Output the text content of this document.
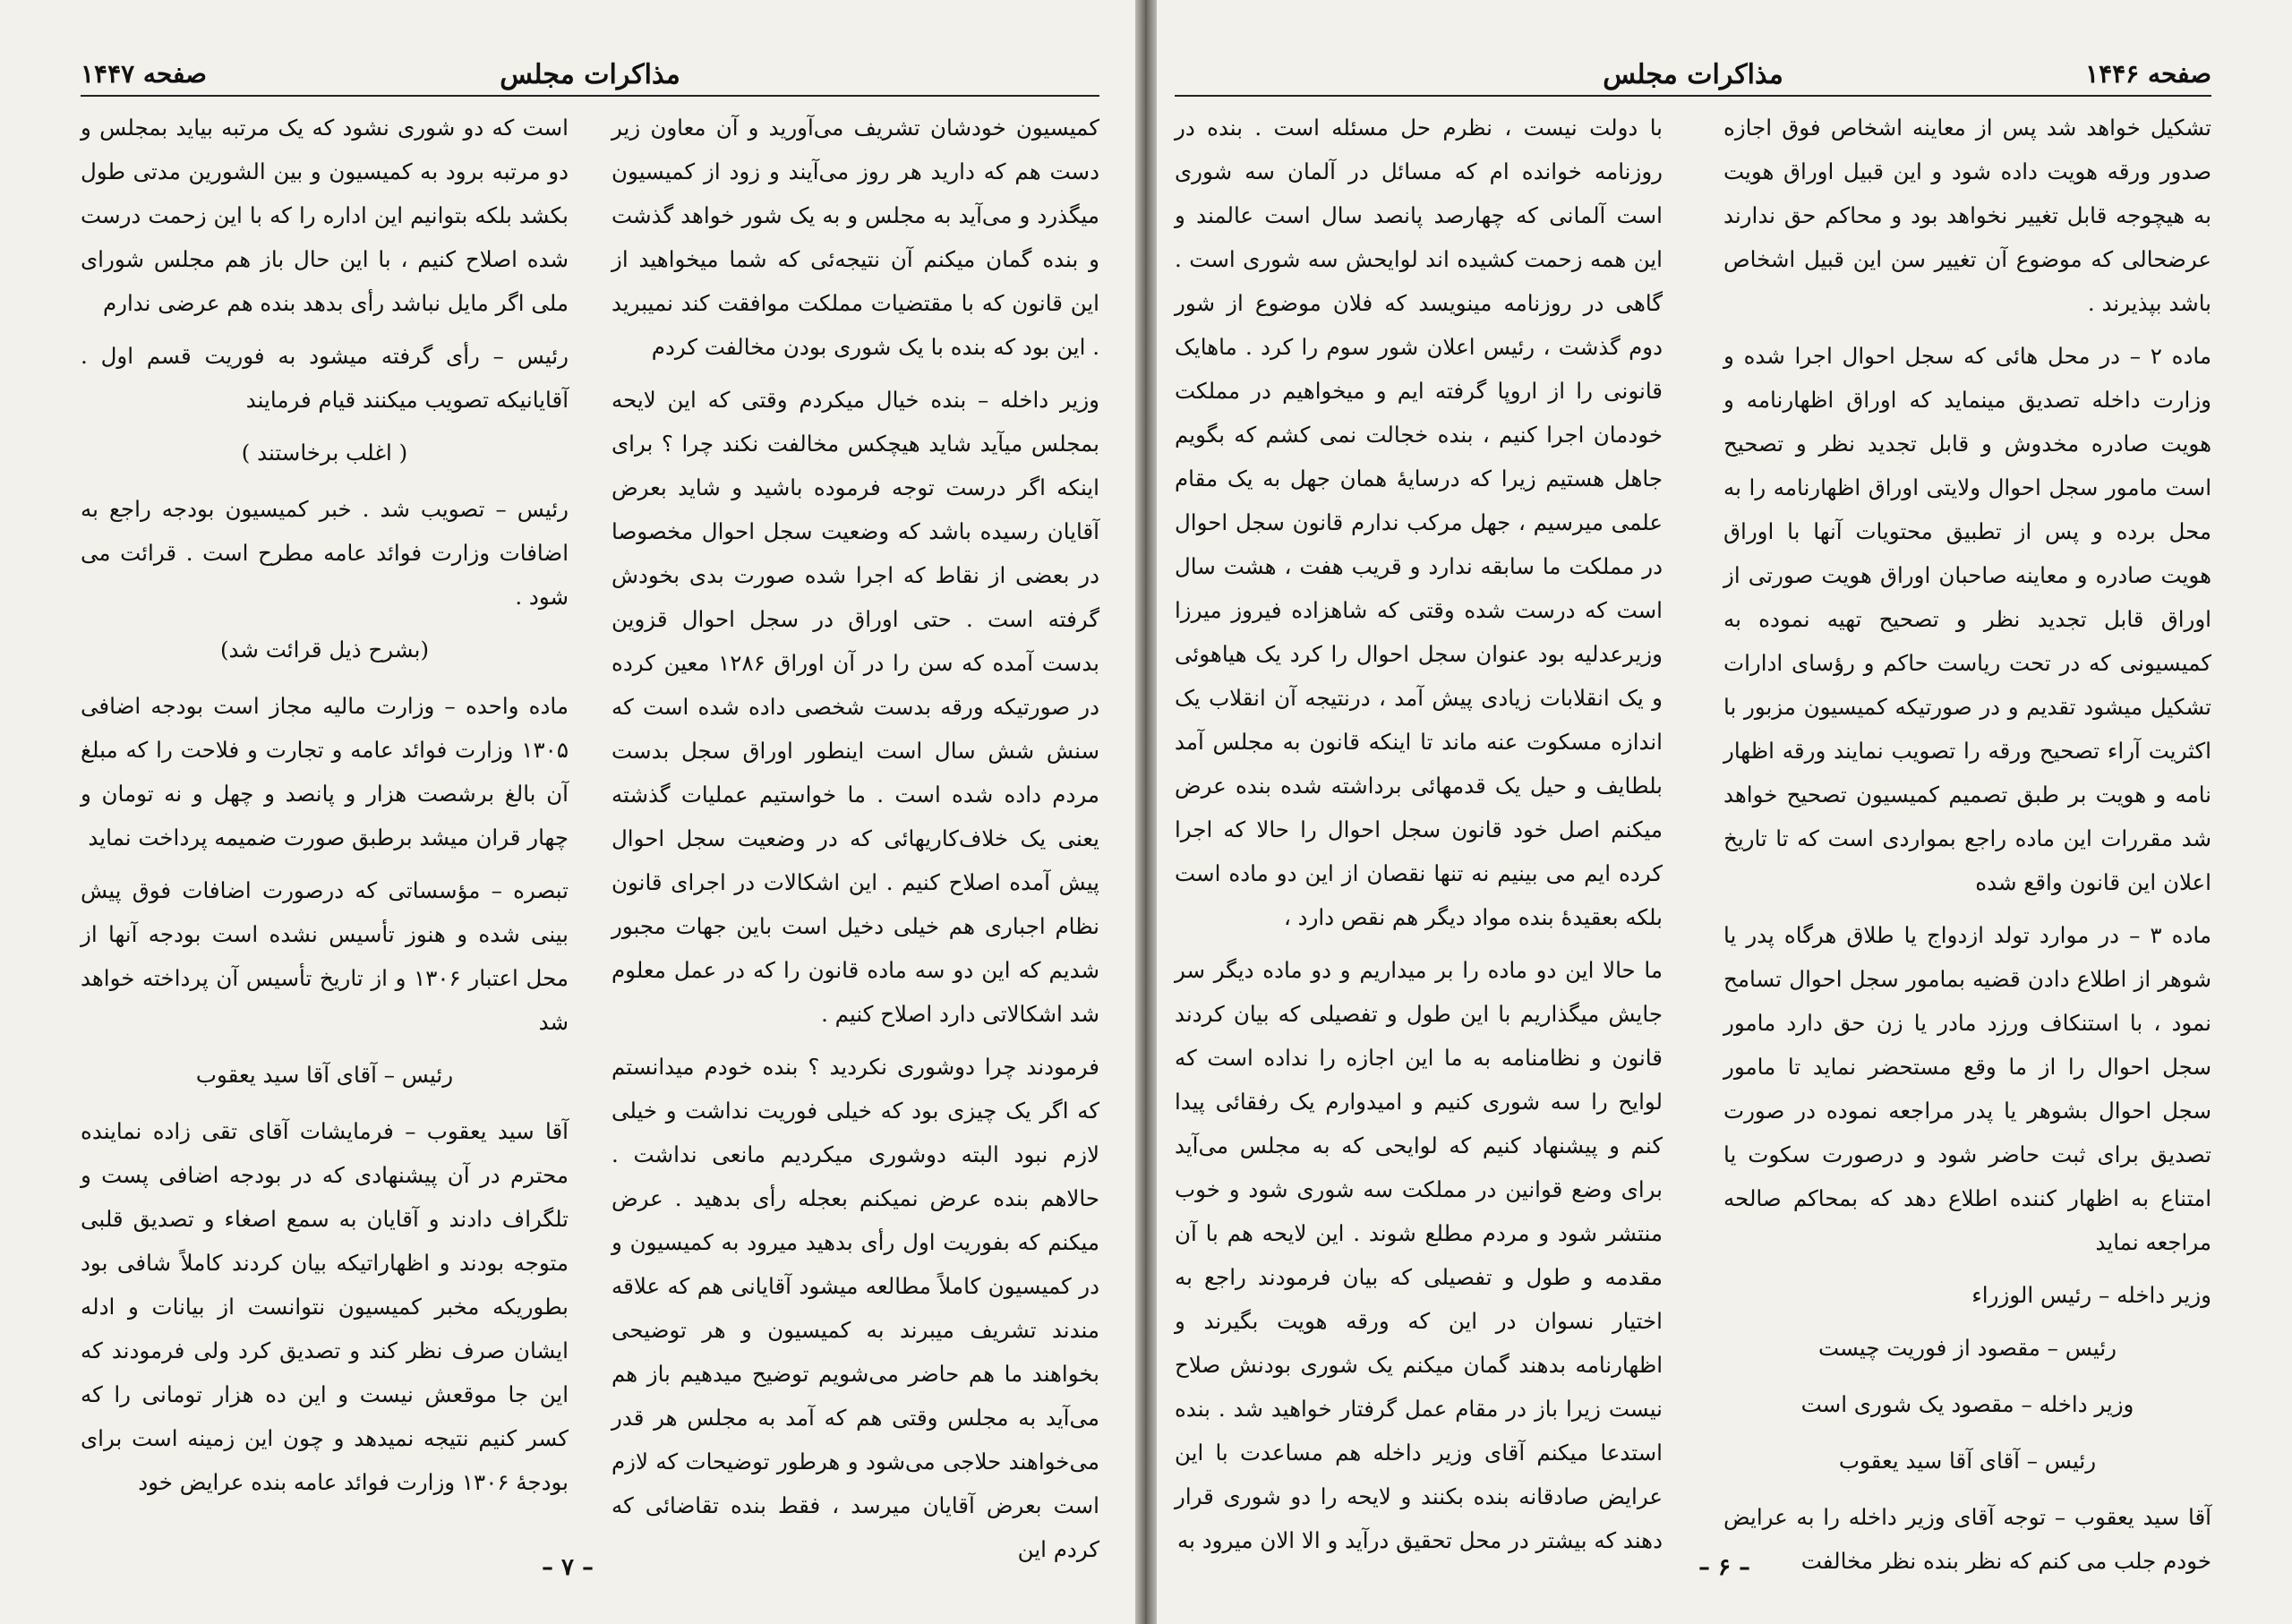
مذاکرات مجلس
صفحه ۱۴۴۷

کمیسیون خودشان تشریف می‌آورید و آن معاون زیر دست هم که دارید هر روز می‌آیند و زود از کمیسیون میگذرد و می‌آید به مجلس و به یک شور خواهد گذشت و بنده گمان میکنم آن نتیجه‌ئی که شما میخواهید از این قانون که با مقتضیات مملکت موافقت کند نمیبرید . این بود که بنده با یک شوری بودن مخالفت کردم

وزیر داخله – بنده خیال میکردم وقتی که این لایحه بمجلس میآید شاید هیچکس مخالفت نکند چرا ؟ برای اینکه اگر درست توجه فرموده باشید و شاید بعرض آقایان رسیده باشد که وضعیت سجل احوال مخصوصا در بعضی از نقاط که اجرا شده صورت بدی بخودش گرفته است . حتی اوراق در سجل احوال قزوین بدست آمده که سن را در آن اوراق ۱۲۸۶ معین کرده در صورتیکه ورقه بدست شخصی داده شده است که سنش شش سال است اینطور اوراق سجل بدست مردم داده شده است . ما خواستیم عملیات گذشته یعنی یک خلاف‌کاریهائی که در وضعیت سجل احوال پیش آمده اصلاح کنیم . این اشکالات در اجرای قانون نظام اجباری هم خیلی دخیل است باین جهات مجبور شدیم که این دو سه ماده قانون را که در عمل معلوم شد اشکالاتی دارد اصلاح کنیم .

فرمودند چرا دوشوری نکردید ؟ بنده خودم میدانستم که اگر یک چیزی بود که خیلی فوریت نداشت و خیلی لازم نبود البته دوشوری میکردیم مانعی نداشت . حالاهم بنده عرض نمیکنم بعجله رأی بدهید . عرض میکنم که بفوریت اول رأی بدهید میرود به کمیسیون و در کمیسیون کاملاً مطالعه میشود آقایانی هم که علاقه مندند تشریف میبرند به کمیسیون و هر توضیحی بخواهند ما هم حاضر می‌شویم توضیح میدهیم باز هم می‌آید به مجلس وقتی هم که آمد به مجلس هر قدر می‌خواهند حلاجی می‌شود و هرطور توضیحات که لازم است بعرض آقایان میرسد ، فقط بنده تقاضائی که کردم این

است که دو شوری نشود که یک مرتبه بیاید بمجلس و دو مرتبه برود به کمیسیون و بین الشورین مدتی طول بکشد بلکه بتوانیم این اداره را که با این زحمت درست شده اصلاح کنیم ، با این حال باز هم مجلس شورای ملی اگر مایل نباشد رأی بدهد بنده هم عرضی ندارم

رئیس – رأی گرفته میشود به فوریت قسم اول . آقایانیکه تصویب میکنند قیام فرمایند

( اغلب برخاستند )

رئیس – تصویب شد . خبر کمیسیون بودجه راجع به اضافات وزارت فوائد عامه مطرح است . قرائت می شود .

(بشرح ذیل قرائت شد)

ماده واحده – وزارت مالیه مجاز است بودجه اضافی ۱۳۰۵ وزارت فوائد عامه و تجارت و فلاحت را که مبلغ آن بالغ برشصت هزار و پانصد و چهل و نه تومان و چهار قران میشد برطبق صورت ضمیمه پرداخت نماید

تبصره – مؤسساتی که درصورت اضافات فوق پیش بینی شده و هنوز تأسیس نشده است بودجه آنها از محل اعتبار ۱۳۰۶ و از تاریخ تأسیس آن پرداخته خواهد شد

رئیس – آقای آقا سید یعقوب

آقا سید یعقوب – فرمایشات آقای تقی زاده نماینده محترم در آن پیشنهادی که در بودجه اضافی پست و تلگراف دادند و آقایان به سمع اصغاء و تصدیق قلبی متوجه بودند و اظهاراتیکه بیان کردند کاملاً شافی بود بطوریکه مخبر کمیسیون نتوانست از بیانات و ادله ایشان صرف نظر کند و تصدیق کرد ولی فرمودند که این جا موقعش نیست و این ده هزار تومانی را که کسر کنیم نتیجه نمیدهد و چون این زمینه است برای بودجهٔ ۱۳۰۶ وزارت فوائد عامه بنده عرایض خود

– ۷ –
مذاکرات مجلس	صفحه ۱۴۴۶

تشکیل خواهد شد پس از معاینه اشخاص فوق اجازه صدور ورقه هویت داده شود و این قبیل اوراق هویت به هیچوجه قابل تغییر نخواهد بود و محاکم حق ندارند عرضحالی که موضوع آن تغییر سن این قبیل اشخاص باشد بپذیرند .

ماده ۲ – در محل هائی که سجل احوال اجرا شده و وزارت داخله تصدیق مینماید که اوراق اظهارنامه و هویت صادره مخدوش و قابل تجدید نظر و تصحیح است مامور سجل احوال ولایتی اوراق اظهارنامه را به محل برده و پس از تطبیق محتویات آنها با اوراق هویت صادره و معاینه صاحبان اوراق هویت صورتی از اوراق قابل تجدید نظر و تصحیح تهیه نموده به کمیسیونی که در تحت ریاست حاکم و رؤسای ادارات تشکیل میشود تقدیم و در صورتیکه کمیسیون مزبور با اکثریت آراء تصحیح ورقه را تصویب نمایند ورقه اظهار نامه و هویت بر طبق تصمیم کمیسیون تصحیح خواهد شد مقررات این ماده راجع بمواردی است که تا تاریخ اعلان این قانون واقع شده

ماده ۳ – در موارد تولد ازدواج یا طلاق هرگاه پدر یا شوهر از اطلاع دادن قضیه بمامور سجل احوال تسامح نمود ، با استنکاف ورزد مادر یا زن حق دارد مامور سجل احوال را از ما وقع مستحضر نماید تا مامور سجل احوال بشوهر یا پدر مراجعه نموده در صورت تصدیق برای ثبت حاضر شود و درصورت سکوت یا امتناع به اظهار کننده اطلاع دهد که بمحاکم صالحه مراجعه نماید

وزیر داخله – رئیس الوزراء

رئیس – مقصود از فوریت چیست

وزیر داخله – مقصود یک شوری است

رئیس – آقای آقا سید یعقوب

آقا سید یعقوب – توجه آقای وزیر داخله را به عرایض خودم جلب می کنم که نظر بنده نظر مخالفت

با دولت نیست ، نظرم حل مسئله است . بنده در روزنامه خوانده ام که مسائل در آلمان سه شوری است آلمانی که چهارصد پانصد سال است عالمند و این همه زحمت کشیده اند لوایحش سه شوری است . گاهی در روزنامه مینویسد که فلان موضوع از شور دوم گذشت ، رئیس اعلان شور سوم را کرد . ماهایک قانونی را از اروپا گرفته ایم و میخواهیم در مملکت خودمان اجرا کنیم ، بنده خجالت نمی کشم که بگویم جاهل هستیم زیرا که درسایهٔ همان جهل به یک مقام علمی میرسیم ، جهل مرکب ندارم قانون سجل احوال در مملکت ما سابقه ندارد و قریب هفت ، هشت سال است که درست شده وقتی که شاهزاده فیروز میرزا وزیرعدلیه بود عنوان سجل احوال را کرد یک هیاهوئی و یک انقلابات زیادی پیش آمد ، درنتیجه آن انقلاب یک اندازه مسکوت عنه ماند تا اینکه قانون به مجلس آمد بلطایف و حیل یک قدمهائی برداشته شده بنده عرض میکنم اصل خود قانون سجل احوال را حالا که اجرا کرده ایم می بینیم نه تنها نقصان از این دو ماده است بلکه بعقیدهٔ بنده مواد دیگر هم نقص دارد ،

ما حالا این دو ماده را بر میداریم و دو ماده دیگر سر جایش میگذاریم با این طول و تفصیلی که بیان کردند قانون و نظامنامه به ما این اجازه را نداده است که لوایح را سه شوری کنیم و امیدوارم یک رفقائی پیدا کنم و پیشنهاد کنیم که لوایحی که به مجلس می‌آید برای وضع قوانین در مملکت سه شوری شود و خوب منتشر شود و مردم مطلع شوند . این لایحه هم با آن مقدمه و طول و تفصیلی که بیان فرمودند راجع به اختیار نسوان در این که ورقه هویت بگیرند و اظهارنامه بدهند گمان میکنم یک شوری بودنش صلاح نیست زیرا باز در مقام عمل گرفتار خواهید شد . بنده استدعا میکنم آقای وزیر داخله هم مساعدت با این عرایض صادقانه بنده بکنند و لایحه را دو شوری قرار دهند که بیشتر در محل تحقیق درآید و الا الان میرود به

– ۶ –
